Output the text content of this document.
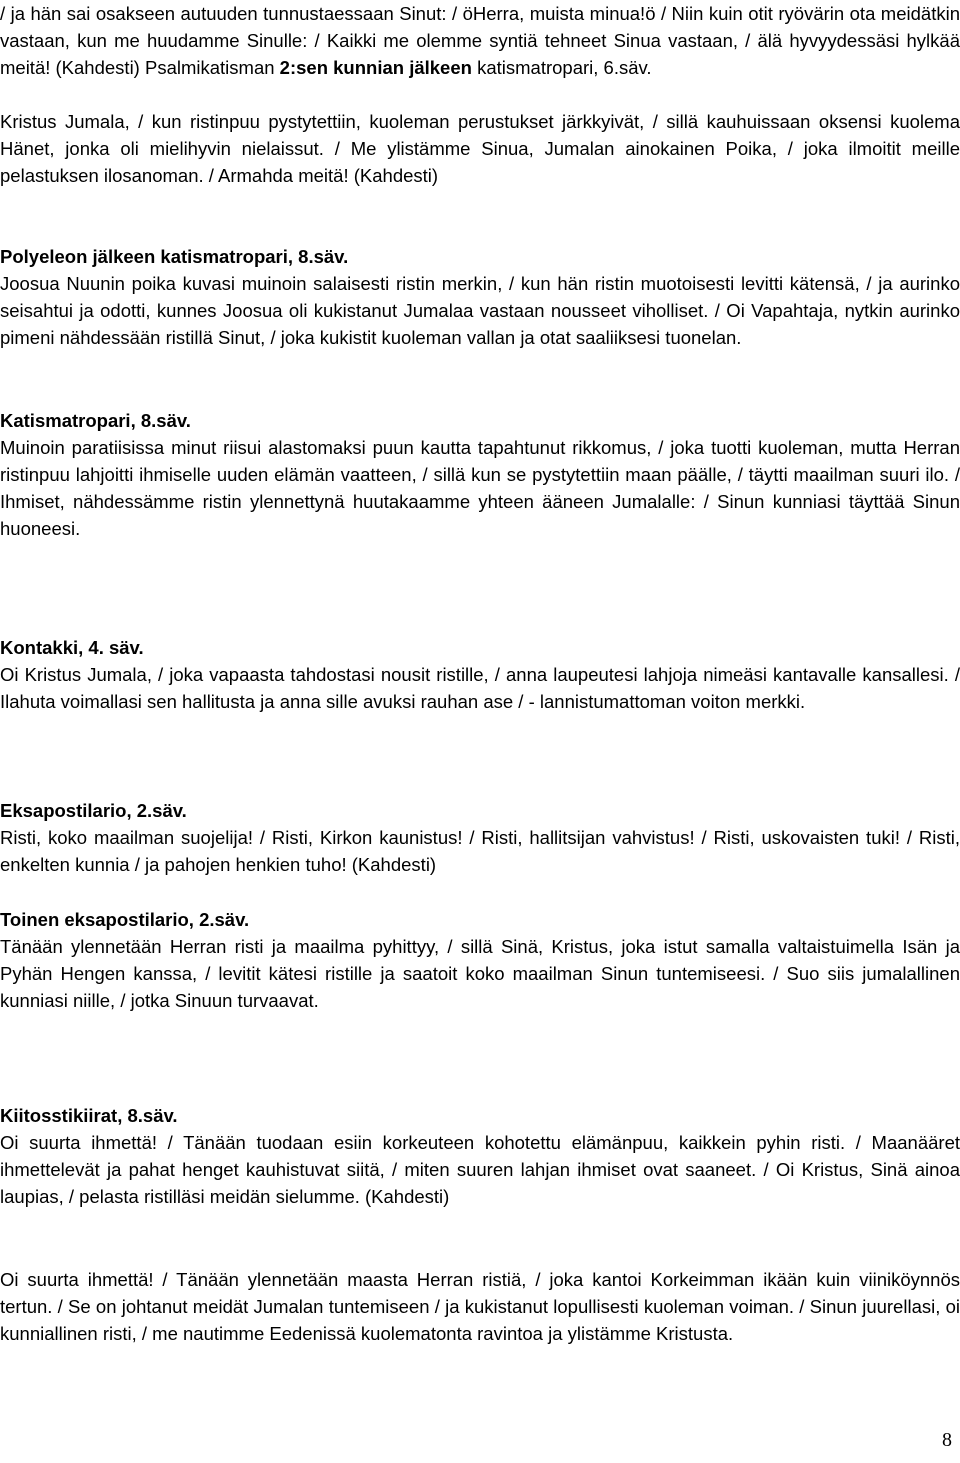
/ ja hän sai osakseen autuuden tunnustaessaan Sinut: / öHerra, muista minua!ö / Niin kuin otit ryövärin ota meidätkin vastaan, kun me huudamme Sinulle: / Kaikki me olemme syntiä tehneet Sinua vastaan, / älä hyvyydessäsi hylkää meitä! (Kahdesti) Psalmikatisman 2:sen kunnian jälkeen katismatropari, 6.säv.
Kristus Jumala, / kun ristinpuu pystytettiin, kuoleman perustukset järkkyivät, / sillä kauhuissaan oksensi kuolema Hänet, jonka oli mielihyvin nielaissut. / Me ylistämme Sinua, Jumalan ainokainen Poika, / joka ilmoitit meille pelastuksen ilosanoman. / Armahda meitä! (Kahdesti)
Polyeleon jälkeen katismatropari, 8.säv.
Joosua Nuunin poika kuvasi muinoin salaisesti ristin merkin, / kun hän ristin muotoisesti levitti kätensä, / ja aurinko seisahtui ja odotti, kunnes Joosua oli kukistanut Jumalaa vastaan nousseet viholliset. / Oi Vapahtaja, nytkin aurinko pimeni nähdessään ristillä Sinut, / joka kukistit kuoleman vallan ja otat saaliiksesi tuonelan.
Katismatropari, 8.säv.
Muinoin paratiisissa minut riisui alastomaksi puun kautta tapahtunut rikkomus, / joka tuotti kuoleman, mutta Herran ristinpuu lahjoitti ihmiselle uuden elämän vaatteen, / sillä kun se pystytettiin maan päälle, / täytti maailman suuri ilo. / Ihmiset, nähdessämme ristin ylennettynä huutakaamme yhteen ääneen Jumalalle: / Sinun kunniasi täyttää Sinun huoneesi.
Kontakki, 4. säv.
Oi Kristus Jumala, / joka vapaasta tahdostasi nousit ristille, / anna laupeutesi lahjoja nimeäsi kantavalle kansallesi. / Ilahuta voimallasi sen hallitusta ja anna sille avuksi rauhan ase / - lannistumattoman voiton merkki.
Eksapostilario, 2.säv.
Risti, koko maailman suojelija! / Risti, Kirkon kaunistus! / Risti, hallitsijan vahvistus! / Risti, uskovaisten tuki! / Risti, enkelten kunnia / ja pahojen henkien tuho! (Kahdesti)
Toinen eksapostilario, 2.säv.
Tänään ylennetään Herran risti ja maailma pyhittyy, / sillä Sinä, Kristus, joka istut samalla valtaistuimella Isän ja Pyhän Hengen kanssa, / levitit kätesi ristille ja saatoit koko maailman Sinun tuntemiseesi. / Suo siis jumalallinen kunniasi niille, / jotka Sinuun turvaavat.
Kiitosstikiirat, 8.säv.
Oi suurta ihmettä! / Tänään tuodaan esiin korkeuteen kohotettu elämänpuu, kaikkein pyhin risti. / Maanääret ihmettelevät ja pahat henget kauhistuvat siitä, / miten suuren lahjan ihmiset ovat saaneet. / Oi Kristus, Sinä ainoa laupias, / pelasta ristilläsi meidän sielumme. (Kahdesti)
Oi suurta ihmettä! / Tänään ylennetään maasta Herran ristiä, / joka kantoi Korkeimman ikään kuin viiniköynnös tertun. / Se on johtanut meidät Jumalan tuntemiseen / ja kukistanut lopullisesti kuoleman voiman. / Sinun juurellasi, oi kunniallinen risti, / me nautimme Eedenissä kuolematonta ravintoa ja ylistämme Kristusta.
8
